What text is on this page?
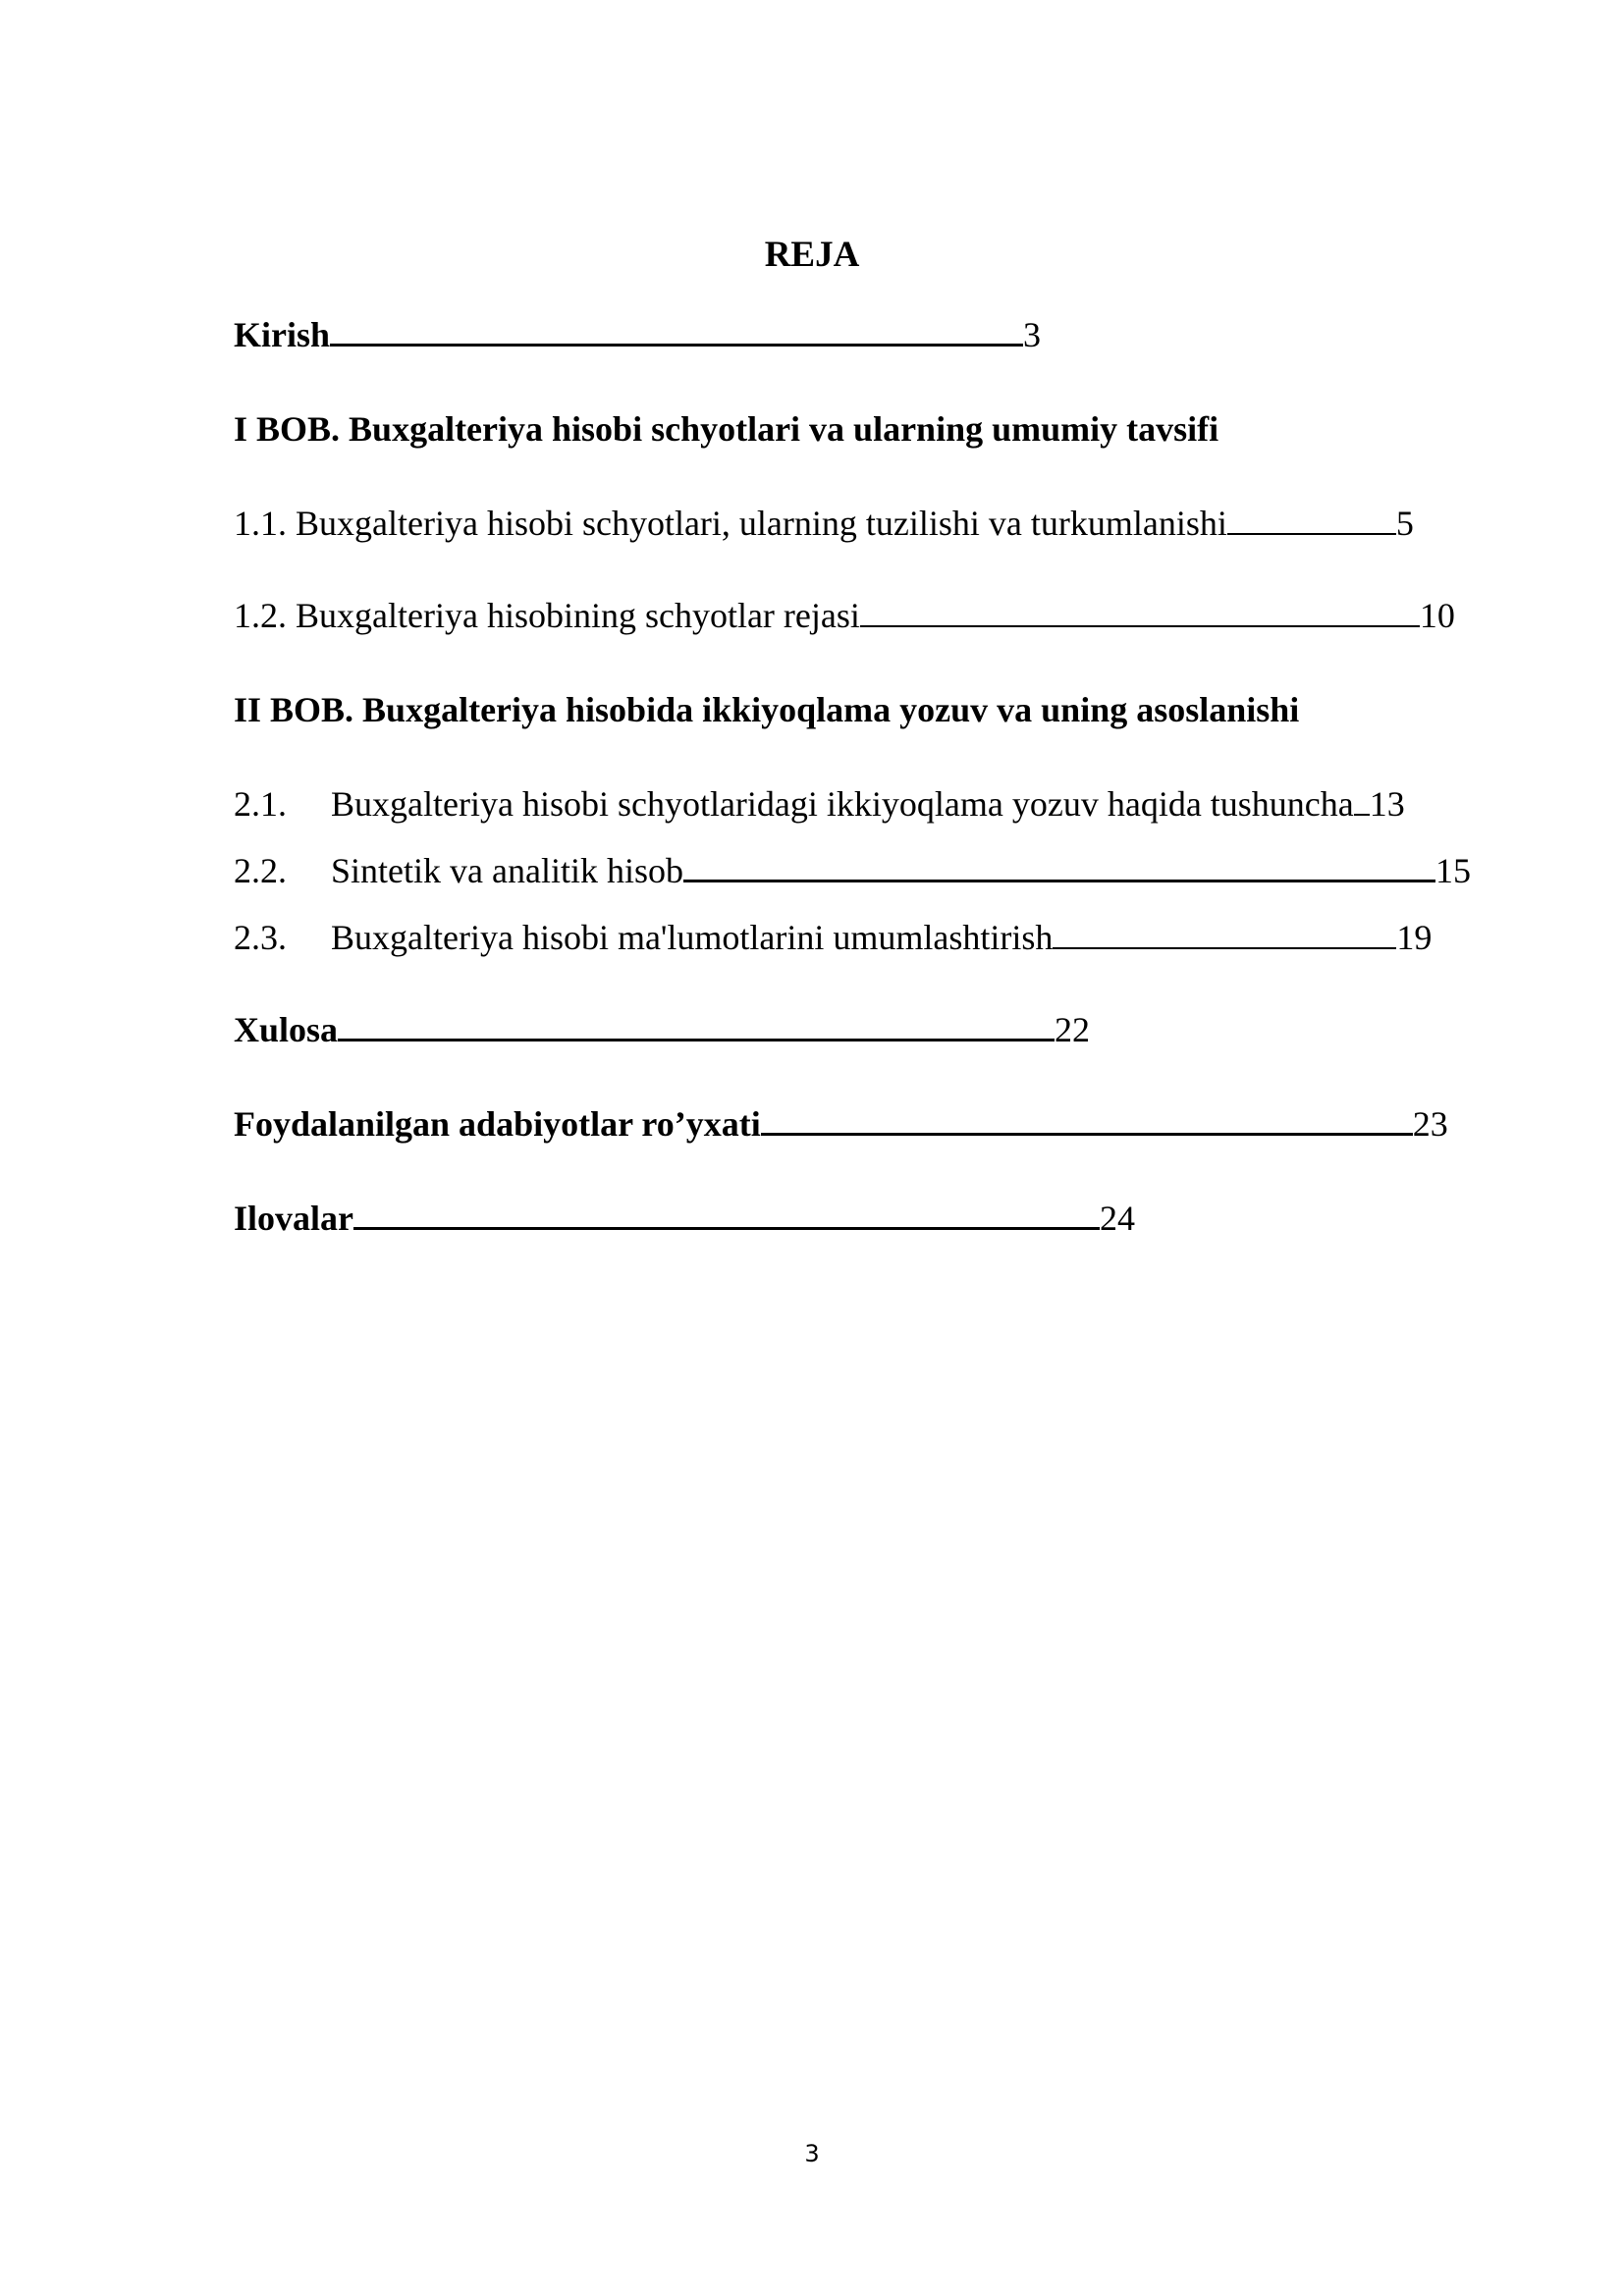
REJA
Kirish	3
I BOB. Buxgalteriya hisobi schyotlari va ularning umumiy tavsifi
1.1. Buxgalteriya hisobi schyotlari, ularning tuzilishi va turkumlanishi	5
1.2. Buxgalteriya hisobining schyotlar rejasi	10
II BOB. Buxgalteriya hisobida ikkiyoqlama yozuv va uning asoslanishi
2.1.	Buxgalteriya hisobi schyotlaridagi ikkiyoqlama yozuv haqida tushuncha 13
2.2.	Sintetik va analitik hisob	15
2.3.	Buxgalteriya hisobi ma'lumotlarini umumlashtirish	19
Xulosa	22
Foydalanilgan adabiyotlar ro’yxati	23
Ilovalar	24
3
